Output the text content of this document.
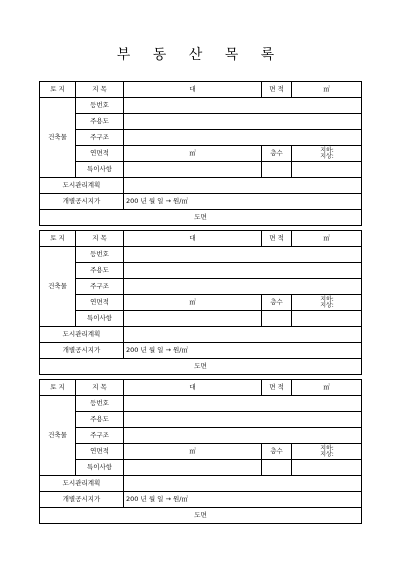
부 동 산 목 록
토 지	지 목	대	면 적	㎡
건축물	등번호			
	주용도			
	주구조			
	연면적	㎡	층수	지하:
지상:

	특이사항			
도시관리계획				
개별공시지가		200 년 월 일 → 원/㎡		
도면				
토 지	지 목	대	면 적	㎡
건축물	등번호			
	주용도			
	주구조			
	연면적	㎡	층수	지하:
지상:

	특이사항			
도시관리계획				
개별공시지가		200 년 월 일 → 원/㎡		
도면				
토 지	지 목	대	면 적	㎡
건축물	등번호			
	주용도			
	주구조			
	연면적	㎡	층수	지하:
지상:

	특이사항			
도시관리계획				
개별공시지가		200 년 월 일 → 원/㎡		
도면				
